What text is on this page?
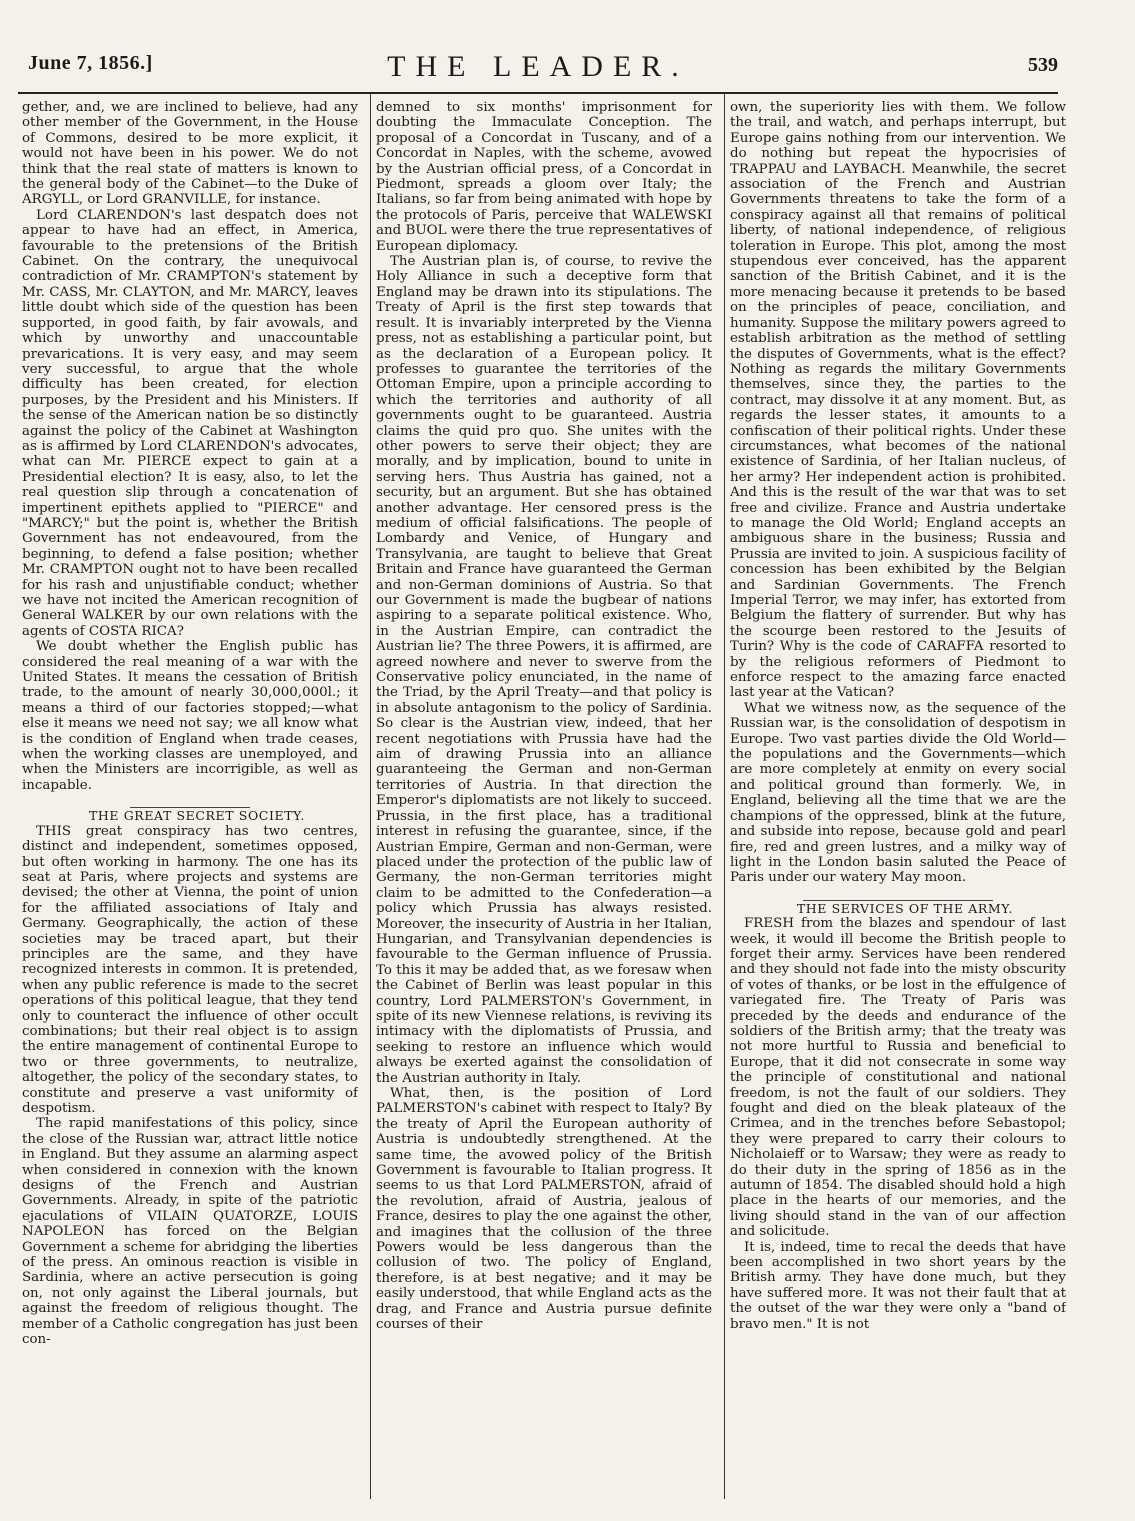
June 7, 1856.]	THE LEADER.	539

gether, and, we are inclined to believe, had any other member of the Government, in the House of Commons, desired to be more explicit, it would not have been in his power. We do not think that the real state of matters is known to the general body of the Cabinet—to the Duke of ARGYLL, or Lord GRANVILLE, for instance.

Lord CLARENDON's last despatch does not appear to have had an effect, in America, favourable to the pretensions of the British Cabinet. On the contrary, the unequivocal contradiction of Mr. CRAMPTON's statement by Mr. CASS, Mr. CLAYTON, and Mr. MARCY, leaves little doubt which side of the question has been supported, in good faith, by fair avowals, and which by unworthy and unaccountable prevarications. It is very easy, and may seem very successful, to argue that the whole difficulty has been created, for election purposes, by the President and his Ministers. If the sense of the American nation be so distinctly against the policy of the Cabinet at Washington as is affirmed by Lord CLARENDON's advocates, what can Mr. PIERCE expect to gain at a Presidential election? It is easy, also, to let the real question slip through a concatenation of impertinent epithets applied to "PIERCE" and "MARCY;" but the point is, whether the British Government has not endeavoured, from the beginning, to defend a false position; whether Mr. CRAMPTON ought not to have been recalled for his rash and unjustifiable conduct; whether we have not incited the American recognition of General WALKER by our own relations with the agents of COSTA RICA?

We doubt whether the English public has considered the real meaning of a war with the United States. It means the cessation of British trade, to the amount of nearly 30,000,000l.; it means a third of our factories stopped;—what else it means we need not say; we all know what is the condition of England when trade ceases, when the working classes are unemployed, and when the Ministers are incorrigible, as well as incapable.

THE GREAT SECRET SOCIETY.

THIS great conspiracy has two centres, distinct and independent, sometimes opposed, but often working in harmony. The one has its seat at Paris, where projects and systems are devised; the other at Vienna, the point of union for the affiliated associations of Italy and Germany. Geographically, the action of these societies may be traced apart, but their principles are the same, and they have recognized interests in common. It is pretended, when any public reference is made to the secret operations of this political league, that they tend only to counteract the influence of other occult combinations; but their real object is to assign the entire management of continental Europe to two or three governments, to neutralize, altogether, the policy of the secondary states, to constitute and preserve a vast uniformity of despotism.

The rapid manifestations of this policy, since the close of the Russian war, attract little notice in England. But they assume an alarming aspect when considered in connexion with the known designs of the French and Austrian Governments. Already, in spite of the patriotic ejaculations of VILAIN QUATORZE, LOUIS NAPOLEON has forced on the Belgian Government a scheme for abridging the liberties of the press. An ominous reaction is visible in Sardinia, where an active persecution is going on, not only against the Liberal journals, but against the freedom of religious thought. The member of a Catholic congregation has just been con-

demned to six months' imprisonment for doubting the Immaculate Conception. The proposal of a Concordat in Tuscany, and of a Concordat in Naples, with the scheme, avowed by the Austrian official press, of a Concordat in Piedmont, spreads a gloom over Italy; the Italians, so far from being animated with hope by the protocols of Paris, perceive that WALEWSKI and BUOL were there the true representatives of European diplomacy.

The Austrian plan is, of course, to revive the Holy Alliance in such a deceptive form that England may be drawn into its stipulations. The Treaty of April is the first step towards that result. It is invariably interpreted by the Vienna press, not as establishing a particular point, but as the declaration of a European policy. It professes to guarantee the territories of the Ottoman Empire, upon a principle according to which the territories and authority of all governments ought to be guaranteed. Austria claims the quid pro quo. She unites with the other powers to serve their object; they are morally, and by implication, bound to unite in serving hers. Thus Austria has gained, not a security, but an argument. But she has obtained another advantage. Her censored press is the medium of official falsifications. The people of Lombardy and Venice, of Hungary and Transylvania, are taught to believe that Great Britain and France have guaranteed the German and non-German dominions of Austria. So that our Government is made the bugbear of nations aspiring to a separate political existence. Who, in the Austrian Empire, can contradict the Austrian lie? The three Powers, it is affirmed, are agreed nowhere and never to swerve from the Conservative policy enunciated, in the name of the Triad, by the April Treaty—and that policy is in absolute antagonism to the policy of Sardinia. So clear is the Austrian view, indeed, that her recent negotiations with Prussia have had the aim of drawing Prussia into an alliance guaranteeing the German and non-German territories of Austria. In that direction the Emperor's diplomatists are not likely to succeed. Prussia, in the first place, has a traditional interest in refusing the guarantee, since, if the Austrian Empire, German and non-German, were placed under the protection of the public law of Germany, the non-German territories might claim to be admitted to the Confederation—a policy which Prussia has always resisted. Moreover, the insecurity of Austria in her Italian, Hungarian, and Transylvanian dependencies is favourable to the German influence of Prussia. To this it may be added that, as we foresaw when the Cabinet of Berlin was least popular in this country, Lord PALMERSTON's Government, in spite of its new Viennese relations, is reviving its intimacy with the diplomatists of Prussia, and seeking to restore an influence which would always be exerted against the consolidation of the Austrian authority in Italy.

What, then, is the position of Lord PALMERSTON's cabinet with respect to Italy? By the treaty of April the European authority of Austria is undoubtedly strengthened. At the same time, the avowed policy of the British Government is favourable to Italian progress. It seems to us that Lord PALMERSTON, afraid of the revolution, afraid of Austria, jealous of France, desires to play the one against the other, and imagines that the collusion of the three Powers would be less dangerous than the collusion of two. The policy of England, therefore, is at best negative; and it may be easily understood, that while England acts as the drag, and France and Austria pursue definite courses of their

own, the superiority lies with them. We follow the trail, and watch, and perhaps interrupt, but Europe gains nothing from our intervention. We do nothing but repeat the hypocrisies of TRAPPAU and LAYBACH. Meanwhile, the secret association of the French and Austrian Governments threatens to take the form of a conspiracy against all that remains of political liberty, of national independence, of religious toleration in Europe. This plot, among the most stupendous ever conceived, has the apparent sanction of the British Cabinet, and it is the more menacing because it pretends to be based on the principles of peace, conciliation, and humanity. Suppose the military powers agreed to establish arbitration as the method of settling the disputes of Governments, what is the effect? Nothing as regards the military Governments themselves, since they, the parties to the contract, may dissolve it at any moment. But, as regards the lesser states, it amounts to a confiscation of their political rights. Under these circumstances, what becomes of the national existence of Sardinia, of her Italian nucleus, of her army? Her independent action is prohibited. And this is the result of the war that was to set free and civilize. France and Austria undertake to manage the Old World; England accepts an ambiguous share in the business; Russia and Prussia are invited to join. A suspicious facility of concession has been exhibited by the Belgian and Sardinian Governments. The French Imperial Terror, we may infer, has extorted from Belgium the flattery of surrender. But why has the scourge been restored to the Jesuits of Turin? Why is the code of CARAFFA resorted to by the religious reformers of Piedmont to enforce respect to the amazing farce enacted last year at the Vatican?

What we witness now, as the sequence of the Russian war, is the consolidation of despotism in Europe. Two vast parties divide the Old World—the populations and the Governments—which are more completely at enmity on every social and political ground than formerly. We, in England, believing all the time that we are the champions of the oppressed, blink at the future, and subside into repose, because gold and pearl fire, red and green lustres, and a milky way of light in the London basin saluted the Peace of Paris under our watery May moon.

THE SERVICES OF THE ARMY.

FRESH from the blazes and spendour of last week, it would ill become the British people to forget their army. Services have been rendered and they should not fade into the misty obscurity of votes of thanks, or be lost in the effulgence of variegated fire. The Treaty of Paris was preceded by the deeds and endurance of the soldiers of the British army; that the treaty was not more hurtful to Russia and beneficial to Europe, that it did not consecrate in some way the principle of constitutional and national freedom, is not the fault of our soldiers. They fought and died on the bleak plateaux of the Crimea, and in the trenches before Sebastopol; they were prepared to carry their colours to Nicholaieff or to Warsaw; they were as ready to do their duty in the spring of 1856 as in the autumn of 1854. The disabled should hold a high place in the hearts of our memories, and the living should stand in the van of our affection and solicitude.

It is, indeed, time to recal the deeds that have been accomplished in two short years by the British army. They have done much, but they have suffered more. It was not their fault that at the outset of the war they were only a "band of bravo men." It is not
